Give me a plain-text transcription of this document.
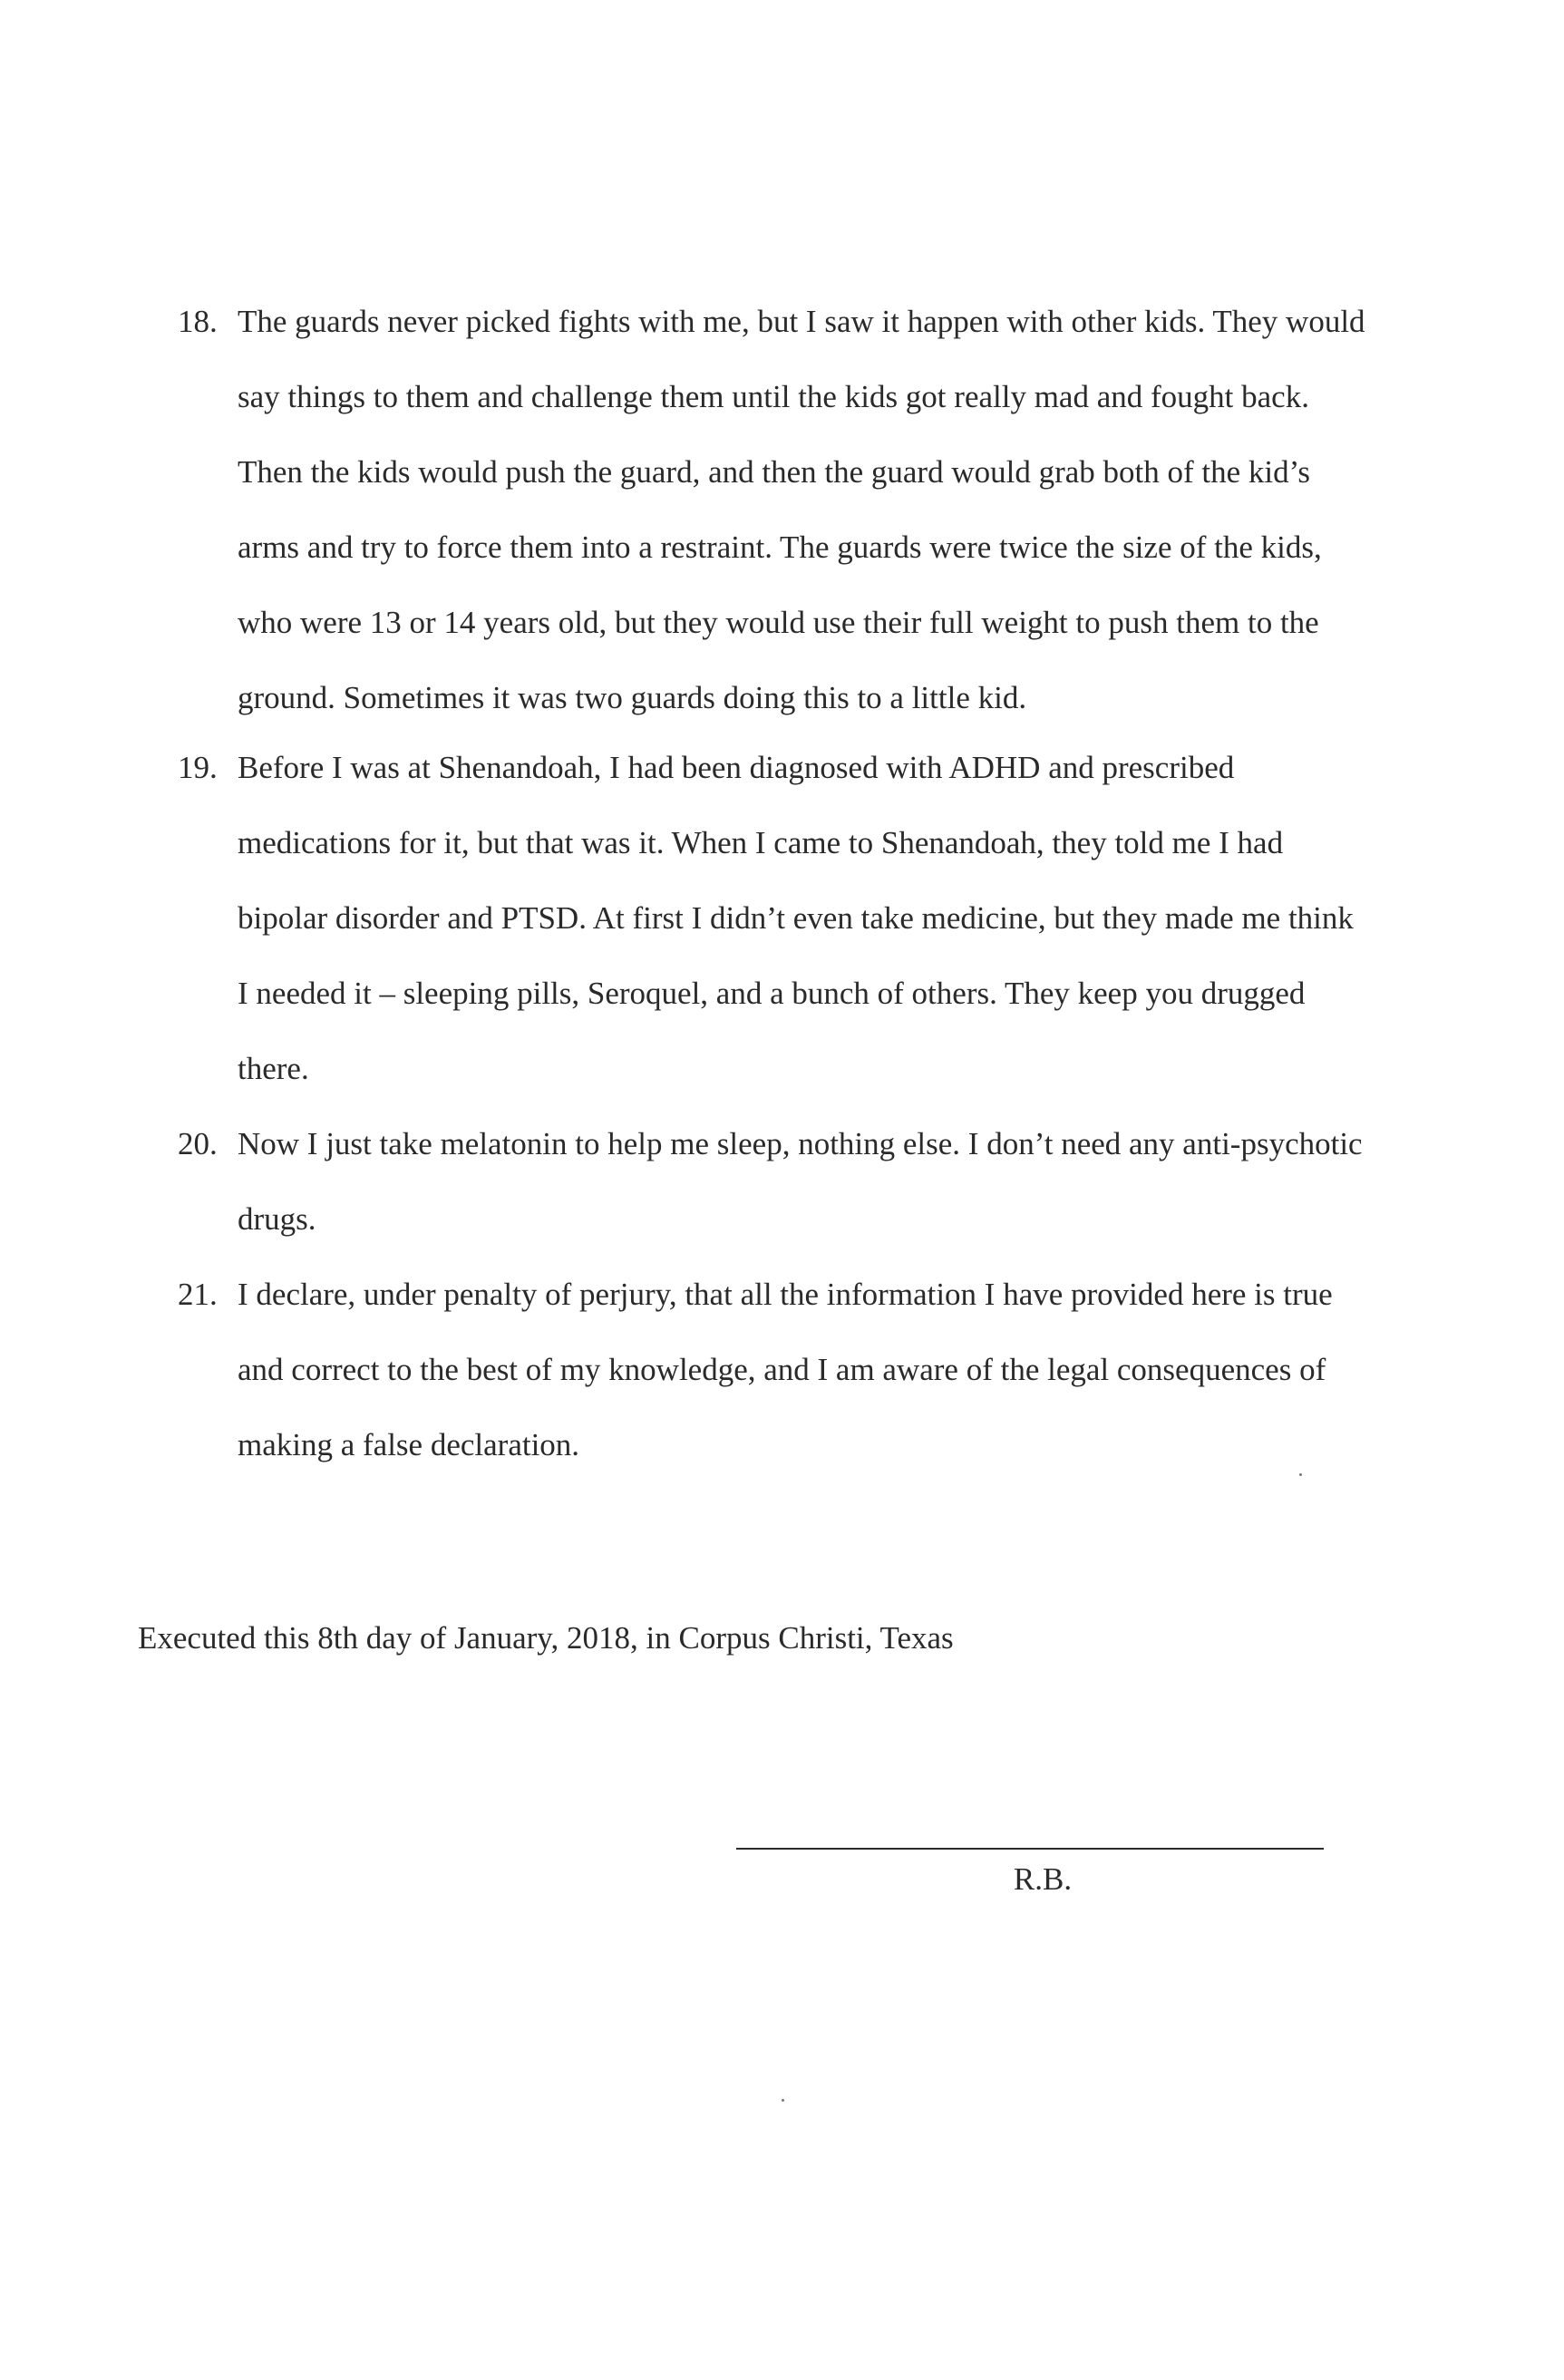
18. The guards never picked fights with me, but I saw it happen with other kids. They would
say things to them and challenge them until the kids got really mad and fought back.
Then the kids would push the guard, and then the guard would grab both of the kid’s
arms and try to force them into a restraint. The guards were twice the size of the kids,
who were 13 or 14 years old, but they would use their full weight to push them to the
ground. Sometimes it was two guards doing this to a little kid.
19. Before I was at Shenandoah, I had been diagnosed with ADHD and prescribed
medications for it, but that was it. When I came to Shenandoah, they told me I had
bipolar disorder and PTSD. At first I didn’t even take medicine, but they made me think
I needed it – sleeping pills, Seroquel, and a bunch of others. They keep you drugged
there.
20. Now I just take melatonin to help me sleep, nothing else. I don’t need any anti-psychotic
drugs.
21. I declare, under penalty of perjury, that all the information I have provided here is true
and correct to the best of my knowledge, and I am aware of the legal consequences of
making a false declaration.
Executed this 8th day of January, 2018, in Corpus Christi, Texas
R.B.
